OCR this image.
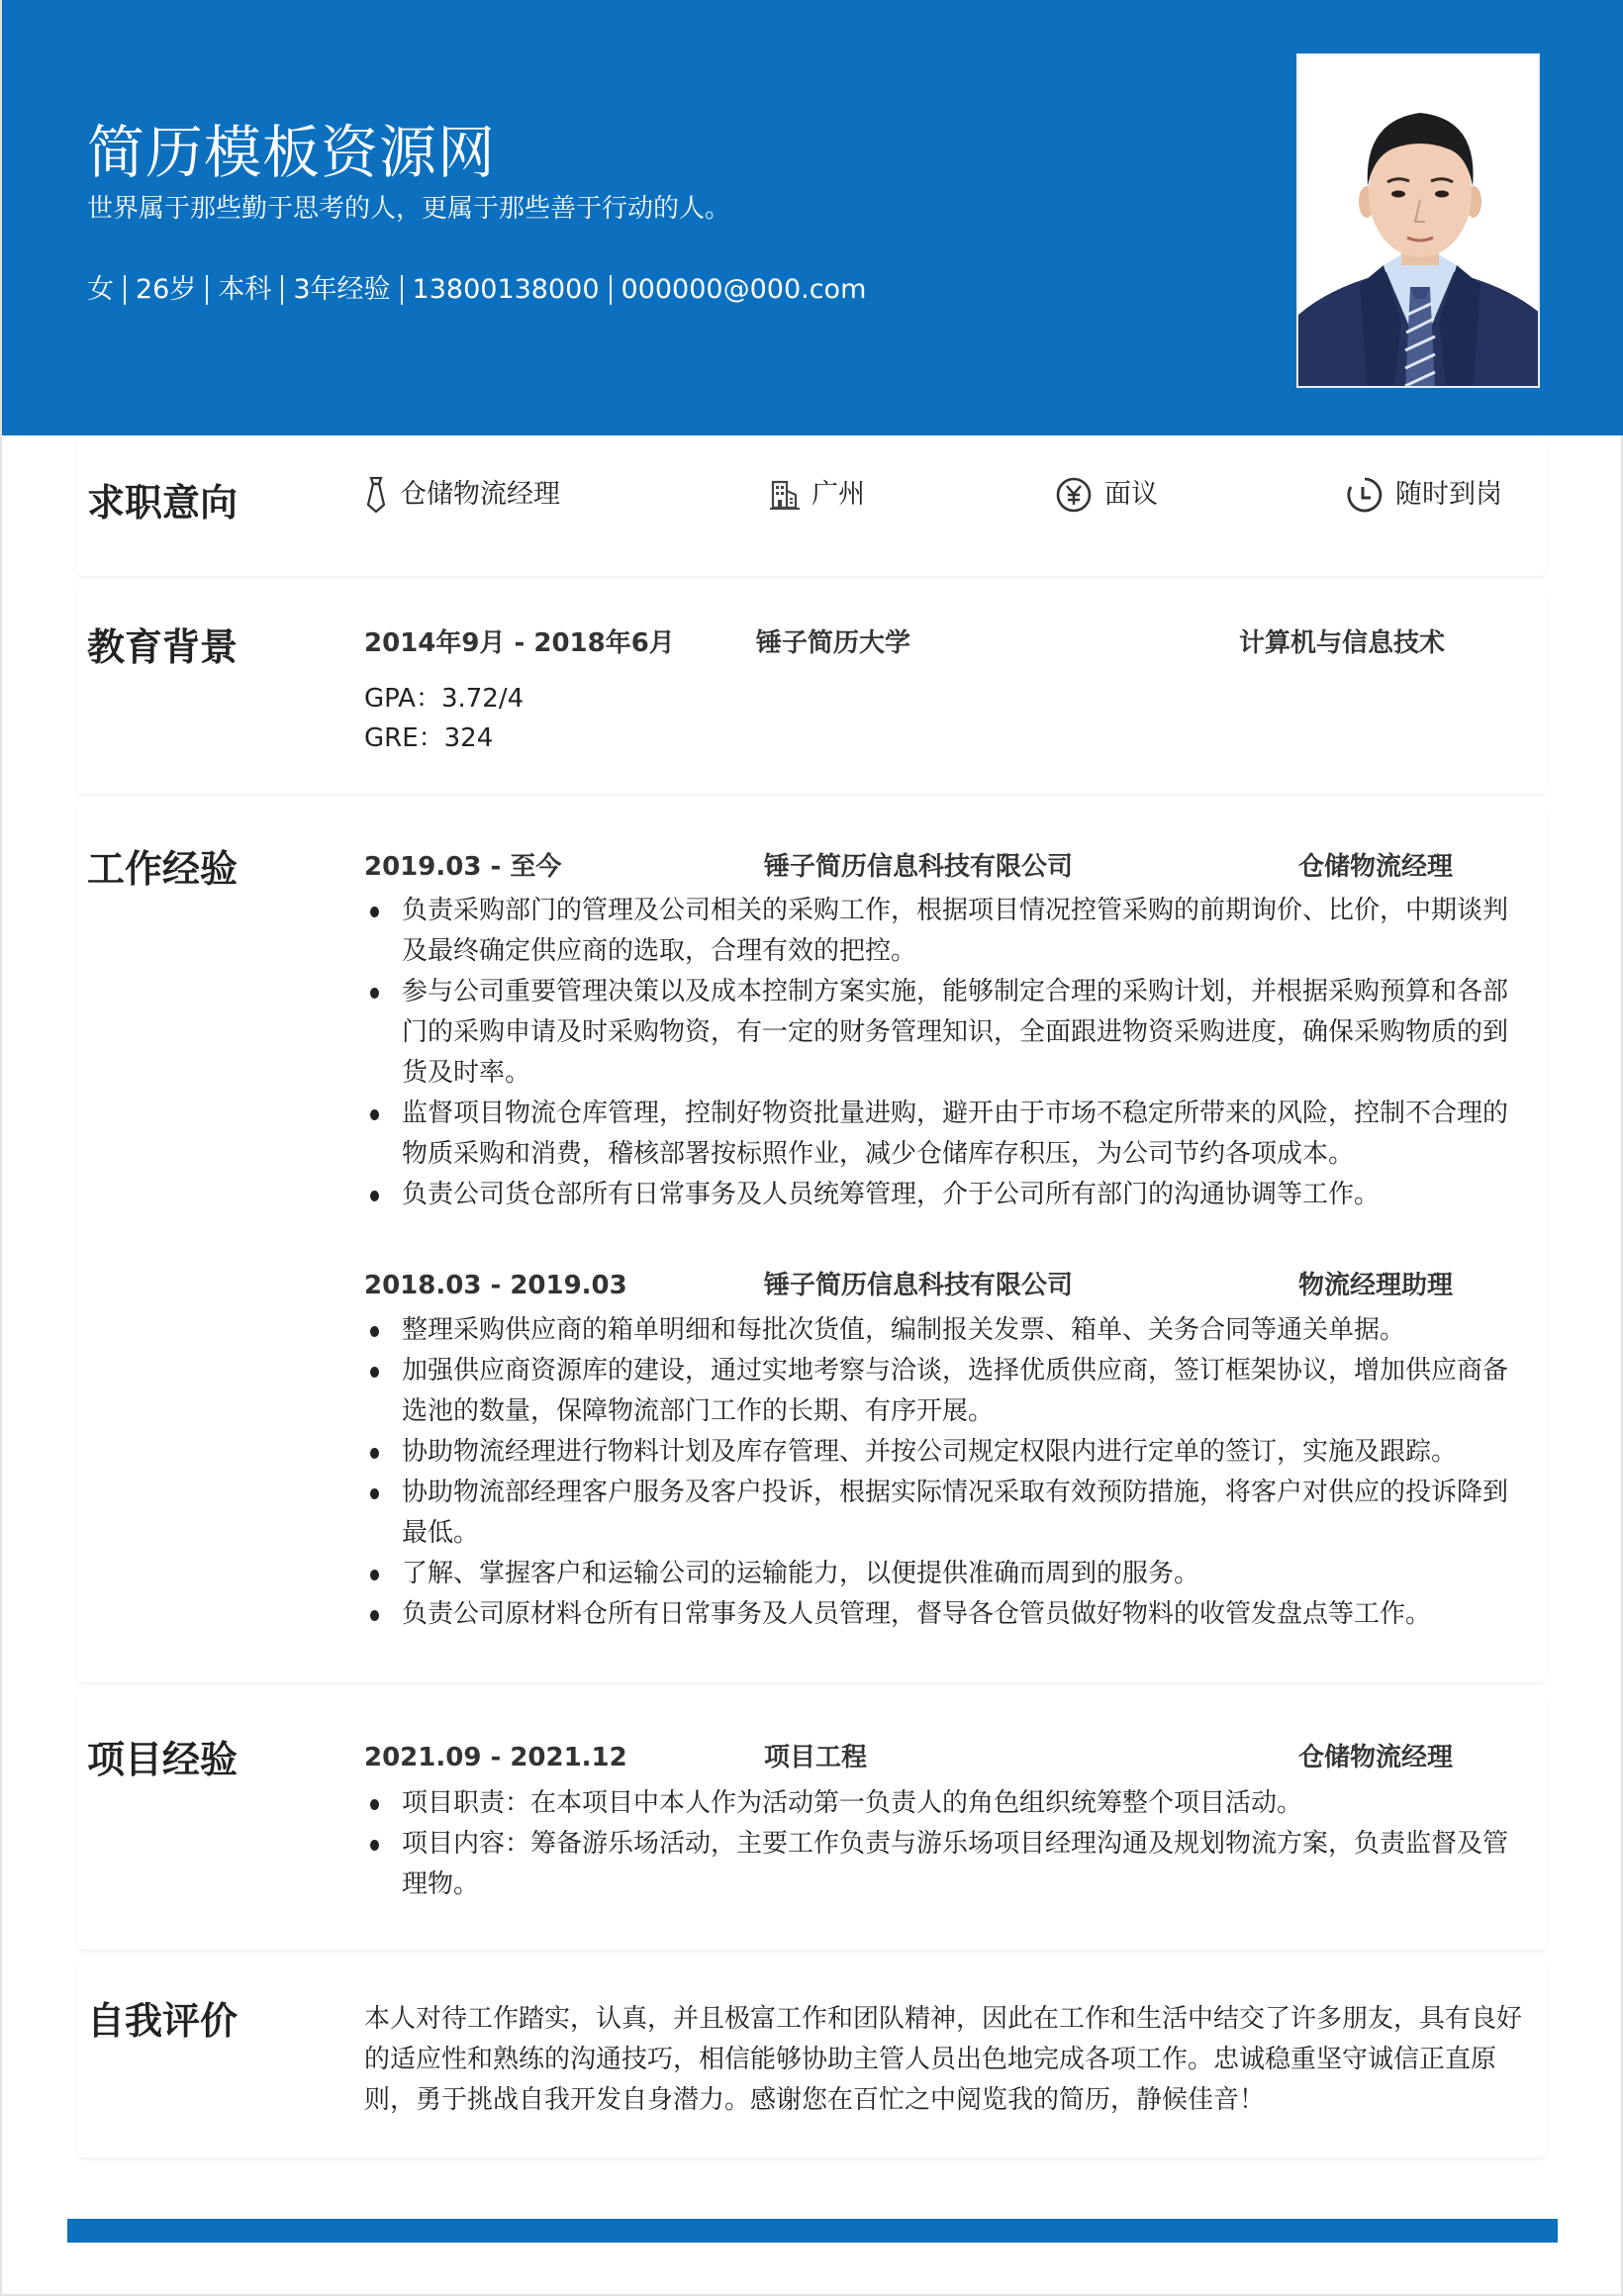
简历模板资源网
世界属于那些勤于思考的人，更属于那些善于行动的人。
女 26岁 本科 3年经验 13800138000 000000@000.com
求职意向	仓储物流经理	广州	面议	随时到岗
教育背景	2014年9月 - 2018年6月	锤子简历大学	计算机与信息技术
GPA：3.72/4
GRE：324
工作经验	2019.03 - 至今	锤子简历信息科技有限公司	仓储物流经理
负责采购部门的管理及公司相关的采购工作，根据项目情况控管采购的前期询价、比价，中期谈判及最终确定供应商的选取，合理有效的把控。
参与公司重要管理决策以及成本控制方案实施，能够制定合理的采购计划，并根据采购预算和各部门的采购申请及时采购物资，有一定的财务管理知识，全面跟进物资采购进度，确保采购物质的到货及时率。
监督项目物流仓库管理，控制好物资批量进购，避开由于市场不稳定所带来的风险，控制不合理的物质采购和消费，稽核部署按标照作业，减少仓储库存积压，为公司节约各项成本。
负责公司货仓部所有日常事务及人员统筹管理，介于公司所有部门的沟通协调等工作。
2018.03 - 2019.03	锤子简历信息科技有限公司	物流经理助理
整理采购供应商的箱单明细和每批次货值，编制报关发票、箱单、关务合同等通关单据。
加强供应商资源库的建设，通过实地考察与洽谈，选择优质供应商，签订框架协议，增加供应商备选池的数量，保障物流部门工作的长期、有序开展。
协助物流经理进行物料计划及库存管理、并按公司规定权限内进行定单的签订，实施及跟踪。
协助物流部经理客户服务及客户投诉，根据实际情况采取有效预防措施，将客户对供应的投诉降到最低。
了解、掌握客户和运输公司的运输能力，以便提供准确而周到的服务。
负责公司原材料仓所有日常事务及人员管理，督导各仓管员做好物料的收管发盘点等工作。
项目经验	2021.09 - 2021.12	项目工程	仓储物流经理
项目职责：在本项目中本人作为活动第一负责人的角色组织统筹整个项目活动。
项目内容：筹备游乐场活动，主要工作负责与游乐场项目经理沟通及规划物流方案，负责监督及管理物。
自我评价	本人对待工作踏实，认真，并且极富工作和团队精神，因此在工作和生活中结交了许多朋友，具有良好的适应性和熟练的沟通技巧，相信能够协助主管人员出色地完成各项工作。忠诚稳重坚守诚信正直原则，勇于挑战自我开发自身潜力。感谢您在百忙之中阅览我的简历，静候佳音！
